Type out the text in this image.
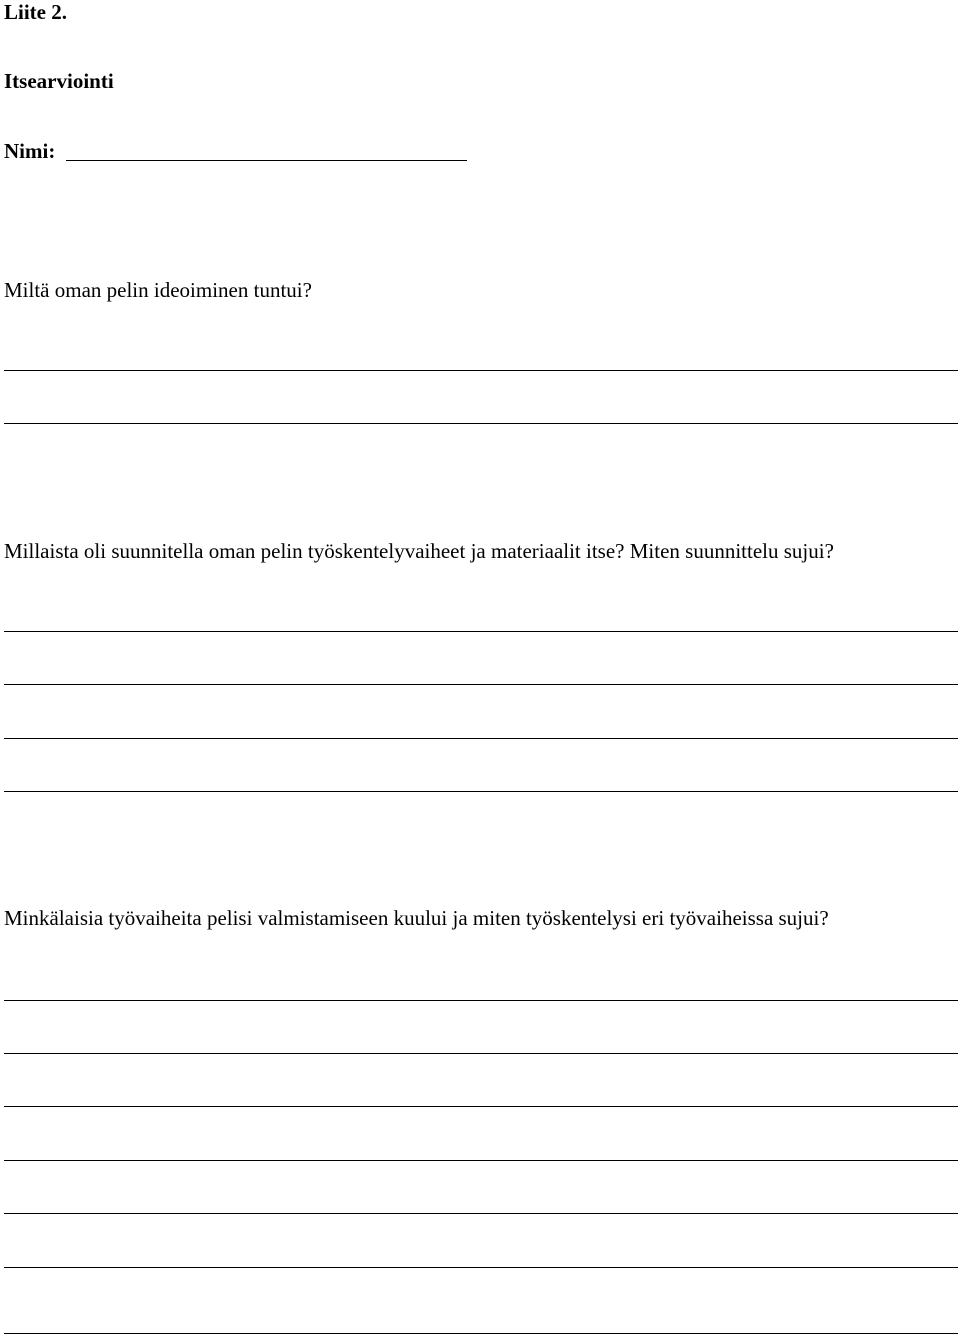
Liite 2.

Itsearviointi

Nimi:

Miltä oman pelin ideoiminen tuntui?

Millaista oli suunnitella oman pelin työskentelyvaiheet ja materiaalit itse? Miten suunnittelu sujui?

Minkälaisia työvaiheita pelisi valmistamiseen kuului ja miten työskentelysi eri työvaiheissa sujui?
